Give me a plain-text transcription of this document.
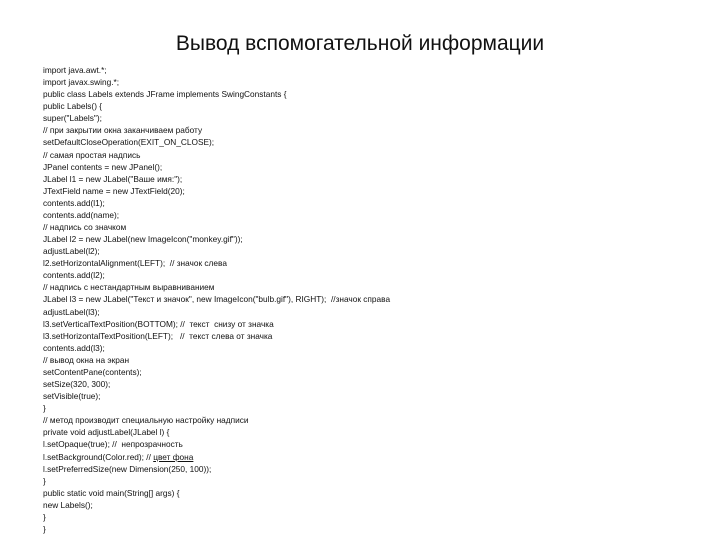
Вывод вспомогательной информации
import java.awt.*;
import javax.swing.*;
public class Labels extends JFrame implements SwingConstants {
public Labels() {
super("Labels");
// при закрытии окна заканчиваем работу
setDefaultCloseOperation(EXIT_ON_CLOSE);
// самая простая надпись
JPanel contents = new JPanel();
JLabel l1 = new JLabel("Ваше имя:");
JTextField name = new JTextField(20);
contents.add(l1);
contents.add(name);
// надпись со значком
JLabel l2 = new JLabel(new ImageIcon("monkey.gif"));
adjustLabel(l2);
l2.setHorizontalAlignment(LEFT);  // значок слева
contents.add(l2);
// надпись с нестандартным выравниванием
JLabel l3 = new JLabel("Текст и значок", new ImageIcon("bulb.gif"), RIGHT);  //значок справа
adjustLabel(l3);
l3.setVerticalTextPosition(BOTTOM); //  текст  снизу от значка
l3.setHorizontalTextPosition(LEFT);   //  текст слева от значка
contents.add(l3);
// вывод окна на экран
setContentPane(contents);
setSize(320, 300);
setVisible(true);
}
// метод производит специальную настройку надписи
private void adjustLabel(JLabel l) {
l.setOpaque(true); //  непрозрачность
l.setBackground(Color.red); // цвет фона
l.setPreferredSize(new Dimension(250, 100));
}
public static void main(String[] args) {
new Labels();
}
}
